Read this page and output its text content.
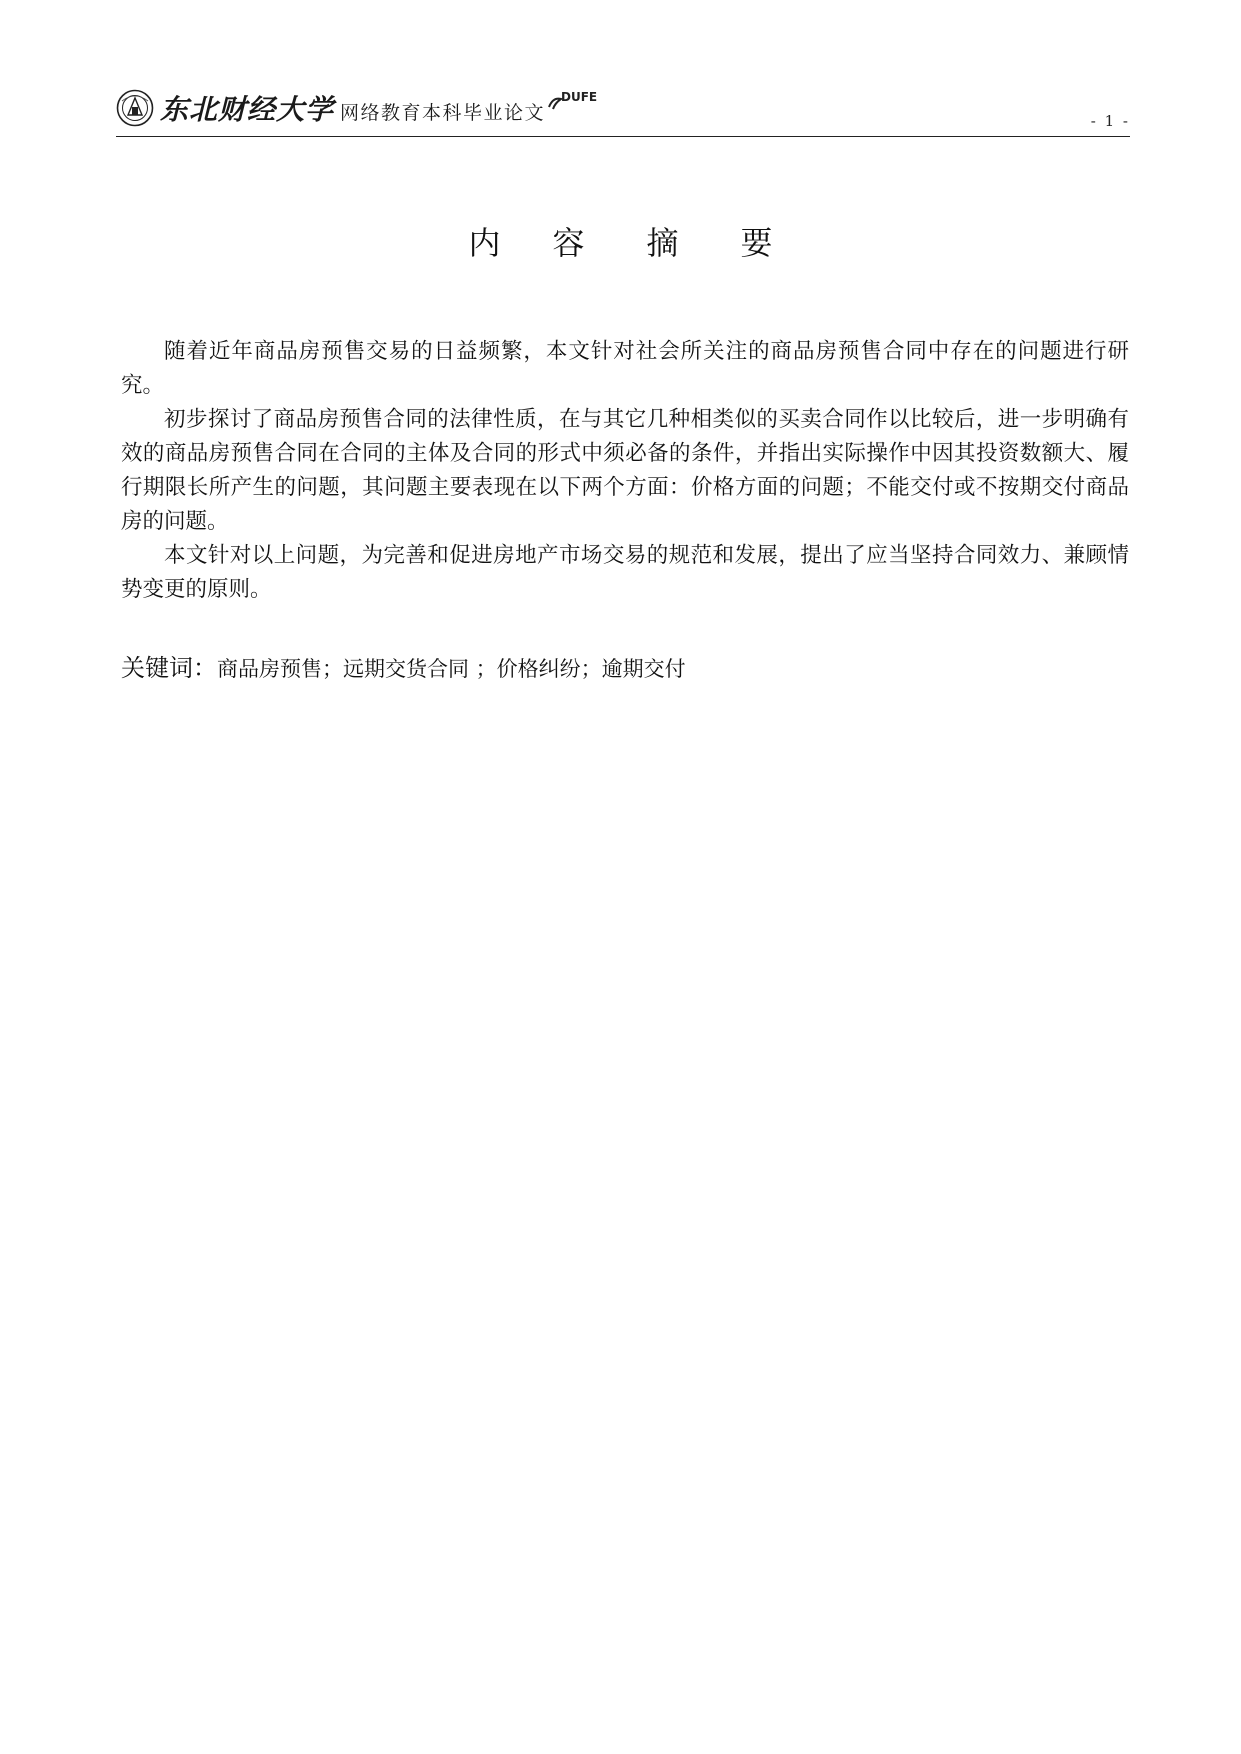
东北财经大学 网络教育本科毕业论文
DUFE
- 1 -
内 容 摘 要

随着近年商品房预售交易的日益频繁，本文针对社会所关注的商品房预售合同中存在的问题进行研究。

初步探讨了商品房预售合同的法律性质，在与其它几种相类似的买卖合同作以比较后，进一步明确有效的商品房预售合同在合同的主体及合同的形式中须必备的条件，并指出实际操作中因其投资数额大、履行期限长所产生的问题，其问题主要表现在以下两个方面：价格方面的问题；不能交付或不按期交付商品房的问题。

本文针对以上问题，为完善和促进房地产市场交易的规范和发展，提出了应当坚持合同效力、兼顾情势变更的原则。

关键词：商品房预售；远期交货合同 ；价格纠纷；逾期交付
